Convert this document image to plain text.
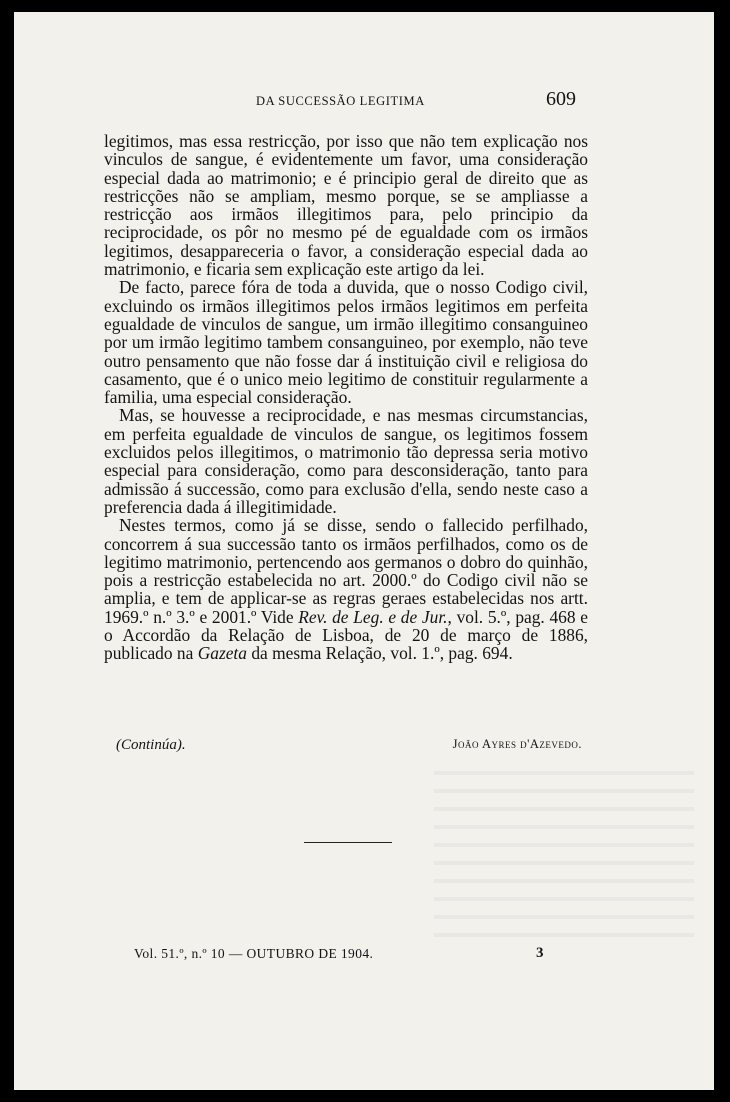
DA SUCCESSÃO LEGITIMA	609

legitimos, mas essa restricção, por isso que não tem explicação nos vinculos de sangue, é evidentemente um favor, uma consideração especial dada ao matrimonio; e é principio geral de direito que as restricções não se ampliam, mesmo porque, se se ampliasse a restricção aos irmãos illegitimos para, pelo principio da reciprocidade, os pôr no mesmo pé de egualdade com os irmãos legitimos, desappareceria o favor, a consideração especial dada ao matrimonio, e ficaria sem explicação este artigo da lei.

De facto, parece fóra de toda a duvida, que o nosso Codigo civil, excluindo os irmãos illegitimos pelos irmãos legitimos em perfeita egualdade de vinculos de sangue, um irmão illegitimo consanguineo por um irmão legitimo tambem consanguineo, por exemplo, não teve outro pensamento que não fosse dar á instituição civil e religiosa do casamento, que é o unico meio legitimo de constituir regularmente a familia, uma especial consideração.

Mas, se houvesse a reciprocidade, e nas mesmas circumstancias, em perfeita egualdade de vinculos de sangue, os legitimos fossem excluidos pelos illegitimos, o matrimonio tão depressa seria motivo especial para consideração, como para desconsideração, tanto para admissão á successão, como para exclusão d'ella, sendo neste caso a preferencia dada á illegitimidade.

Nestes termos, como já se disse, sendo o fallecido perfilhado, concorrem á sua successão tanto os irmãos perfilhados, como os de legitimo matrimonio, pertencendo aos germanos o dobro do quinhão, pois a restricção estabelecida no art. 2000.º do Codigo civil não se amplia, e tem de applicar-se as regras geraes estabelecidas nos artt. 1969.º n.º 3.º e 2001.º Vide Rev. de Leg. e de Jur., vol. 5.º, pag. 468 e o Accordão da Relação de Lisboa, de 20 de março de 1886, publicado na Gazeta da mesma Relação, vol. 1.º, pag. 694.

(Continúa).	João Ayres d'Azevedo.
Vol. 51.º, n.º 10 — OUTUBRO DE 1904.	3
